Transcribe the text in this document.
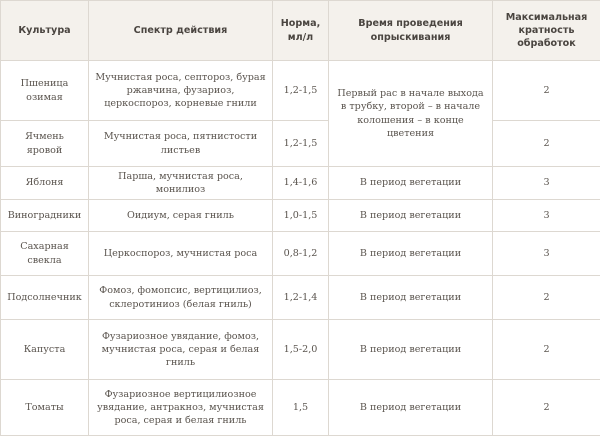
Культура	Спектр действия	Норма, мл/л	Время проведения опрыскивания	Максимальная кратность обработок
Пшеница озимая	Мучнистая роса, септороз, бурая ржавчина, фузариоз, церкоспороз, корневые гнили	1,2-1,5	Первый рас в начале выхода в трубку, второй – в начале колошения – в конце цветения	2
Ячмень яровой	Мучнистая роса, пятнистости листьев	1,2-1,5		2
Яблоня	Парша, мучнистая роса, монилиоз	1,4-1,6	В период вегетации	3
Виноградники	Оидиум, серая гниль	1,0-1,5	В период вегетации	3
Сахарная свекла	Церкоспороз, мучнистая роса	0,8-1,2	В период вегетации	3
Подсолнечник	Фомоз, фомопсис, вертицилиоз, склеротиниоз (белая гниль)	1,2-1,4	В период вегетации	2
Капуста	Фузариозное увядание, фомоз, мучнистая роса, серая и белая гниль	1,5-2,0	В период вегетации	2
Томаты	Фузариозное вертицилиозное увядание, антракноз, мучнистая роса, серая и белая гниль	1,5	В период вегетации	2
